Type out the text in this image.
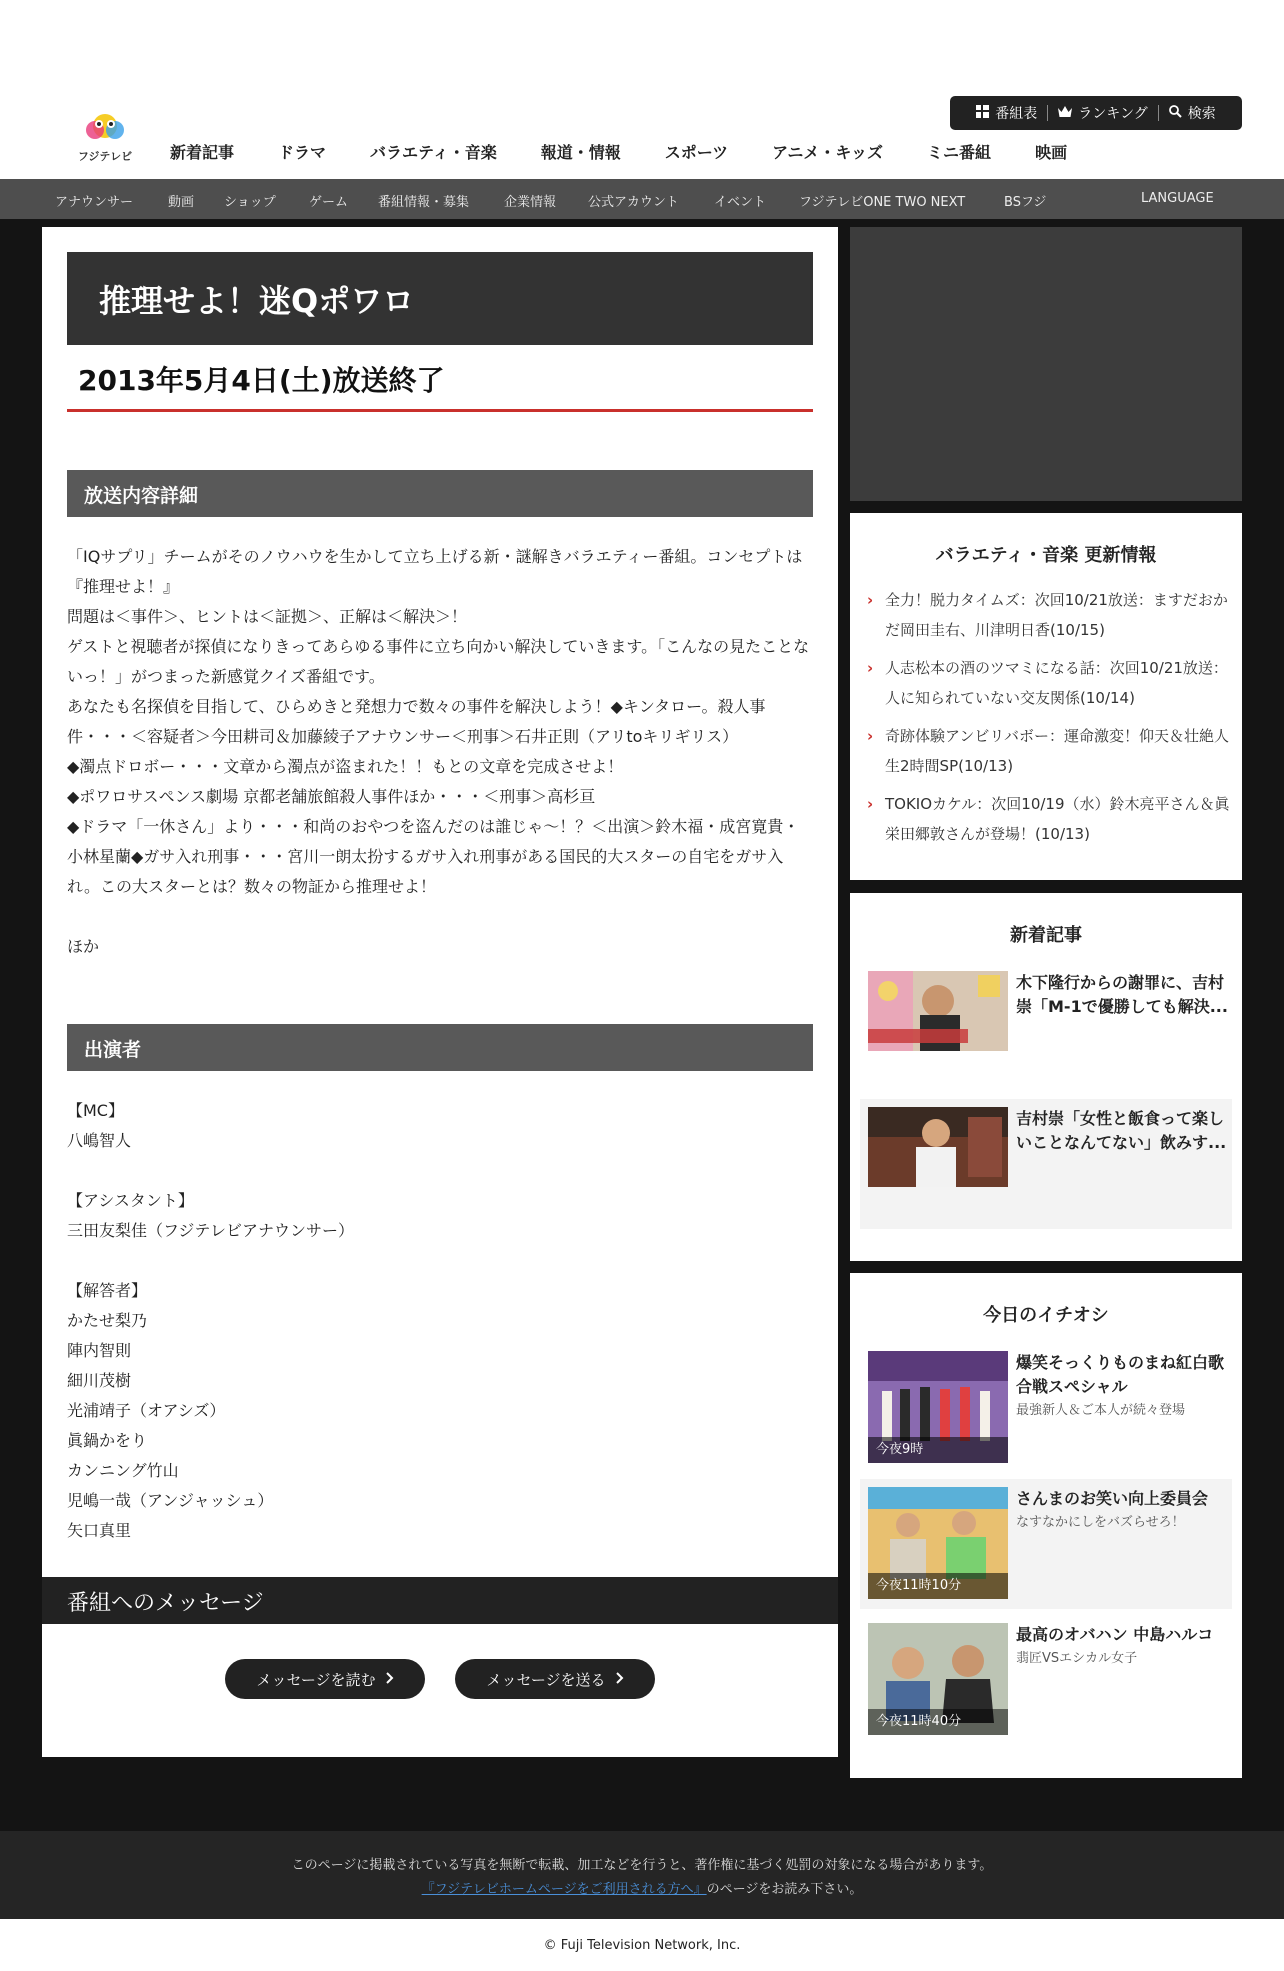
フジテレビ
番組表	ランキング	検索
新着記事	ドラマ	バラエティ・音楽	報道・情報	スポーツ	アニメ・キッズ	ミニ番組	映画
アナウンサー	動画 ショップ	ゲーム 番組情報・募集	企業情報 公式アカウント	イベント	フジテレビONE TWO NEXT	BSフジ	LANGUAGE
推理せよ！迷Qポワロ
2013年5月4日(土)放送終了
放送内容詳細

「IQサプリ」チームがそのノウハウを生かして立ち上げる新・謎解きバラエティー番組。コンセプトは『推理せよ！』

問題は＜事件＞、ヒントは＜証拠＞、正解は＜解決＞！

ゲストと視聴者が探偵になりきってあらゆる事件に立ち向かい解決していきます。「こんなの見たことないっ！」がつまった新感覚クイズ番組です。

あなたも名探偵を目指して、ひらめきと発想力で数々の事件を解決しよう！◆キンタロー。殺人事件・・・＜容疑者＞今田耕司＆加藤綾子アナウンサー＜刑事＞石井正則（アリtoキリギリス）

◆濁点ドロボー・・・文章から濁点が盗まれた！！もとの文章を完成させよ！

◆ポワロサスペンス劇場 京都老舗旅館殺人事件ほか・・・＜刑事＞高杉亘

◆ドラマ「一休さん」より・・・和尚のおやつを盗んだのは誰じゃ～！？＜出演＞鈴木福・成宮寛貴・小林星蘭◆ガサ入れ刑事・・・宮川一朗太扮するガサ入れ刑事がある国民的大スターの自宅をガサ入れ。この大スターとは？数々の物証から推理せよ！

ほか

出演者

【MC】

八嶋智人

【アシスタント】

三田友梨佳（フジテレビアナウンサー）

【解答者】

かたせ梨乃

陣内智則

細川茂樹

光浦靖子（オアシズ）

眞鍋かをり

カンニング竹山

児嶋一哉（アンジャッシュ）

矢口真里

番組へのメッセージ
メッセージを読む	メッセージを送る
バラエティ・音楽 更新情報
› 全力！脱力タイムズ：次回10/21放送：ますだおかだ岡田圭右、川津明日香(10/15)
› 人志松本の酒のツマミになる話：次回10/21放送：人に知られていない交友関係(10/14)
› 奇跡体験アンビリバボー：運命激変！仰天＆壮絶人生2時間SP(10/13)
› TOKIOカケル：次回10/19（水）鈴木亮平さん＆眞栄田郷敦さんが登場！(10/13)
新着記事
木下隆行からの謝罪に、吉村崇「M-1で優勝しても解決...
吉村崇「女性と飯食って楽しいことなんてない」飲みす...
今日のイチオシ
今夜9時
爆笑そっくりものまね紅白歌合戦スペシャル
最強新人＆ご本人が続々登場
今夜11時10分
さんまのお笑い向上委員会
なすなかにしをバズらせろ！
今夜11時40分
最高のオバハン 中島ハルコ
翡匠VSエシカル女子
このページに掲載されている写真を無断で転載、加工などを行うと、著作権に基づく処罰の対象になる場合があります。
『フジテレビホームページをご利用される方へ』のページをお読み下さい。
© Fuji Television Network, Inc.
